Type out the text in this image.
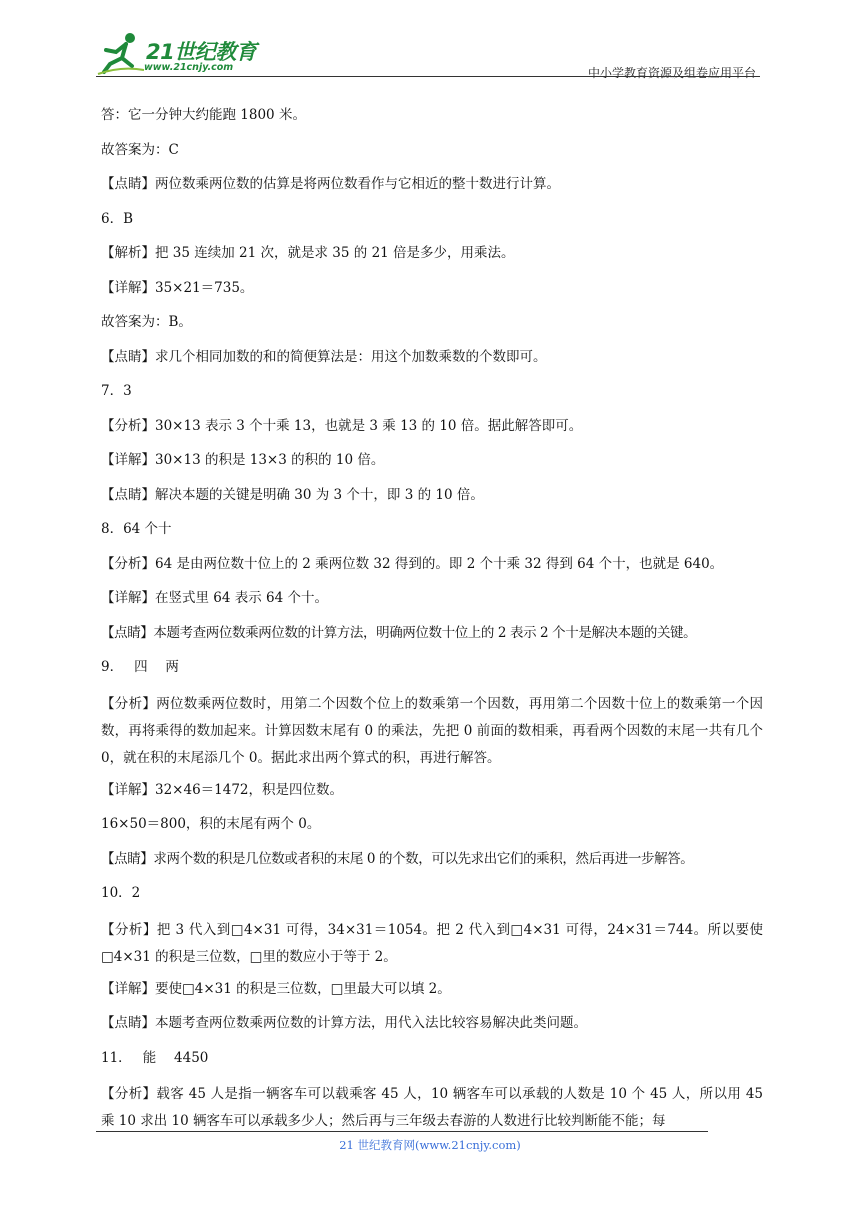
21世纪教育
www.21cnjy.com	中小学教育资源及组卷应用平台

答：它一分钟大约能跑 1800 米。

故答案为：C

【点睛】两位数乘两位数的估算是将两位数看作与它相近的整十数进行计算。

6．B

【解析】把 35 连续加 21 次，就是求 35 的 21 倍是多少，用乘法。

【详解】35×21＝735。

故答案为：B。

【点睛】求几个相同加数的和的简便算法是：用这个加数乘数的个数即可。

7．3

【分析】30×13 表示 3 个十乘 13，也就是 3 乘 13 的 10 倍。据此解答即可。

【详解】30×13 的积是 13×3 的积的 10 倍。

【点睛】解决本题的关键是明确 30 为 3 个十，即 3 的 10 倍。

8．64 个十

【分析】64 是由两位数十位上的 2 乘两位数 32 得到的。即 2 个十乘 32 得到 64 个十，也就是 640。

【详解】在竖式里 64 表示 64 个十。

【点睛】本题考查两位数乘两位数的计算方法，明确两位数十位上的 2 表示 2 个十是解决本题的关键。

9．　 四　 两

【分析】两位数乘两位数时，用第二个因数个位上的数乘第一个因数，再用第二个因数十位上的数乘第一个因数，再将乘得的数加起来。计算因数末尾有 0 的乘法，先把 0 前面的数相乘，再看两个因数的末尾一共有几个 0，就在积的末尾添几个 0。据此求出两个算式的积，再进行解答。

【详解】32×46＝1472，积是四位数。

16×50＝800，积的末尾有两个 0。

【点睛】求两个数的积是几位数或者积的末尾 0 的个数，可以先求出它们的乘积，然后再进一步解答。

10．2

【分析】把 3 代入到□4×31 可得，34×31＝1054。把 2 代入到□4×31 可得，24×31＝744。所以要使□4×31 的积是三位数，□里的数应小于等于 2。

【详解】要使□4×31 的积是三位数，□里最大可以填 2。

【点睛】本题考查两位数乘两位数的计算方法，用代入法比较容易解决此类问题。

11．　 能　 4450

【分析】载客 45 人是指一辆客车可以载乘客 45 人，10 辆客车可以承载的人数是 10 个 45 人，所以用 45 乘 10 求出 10 辆客车可以承载多少人；然后再与三年级去春游的人数进行比较判断能不能；每

21 世纪教育网(www.21cnjy.com)
